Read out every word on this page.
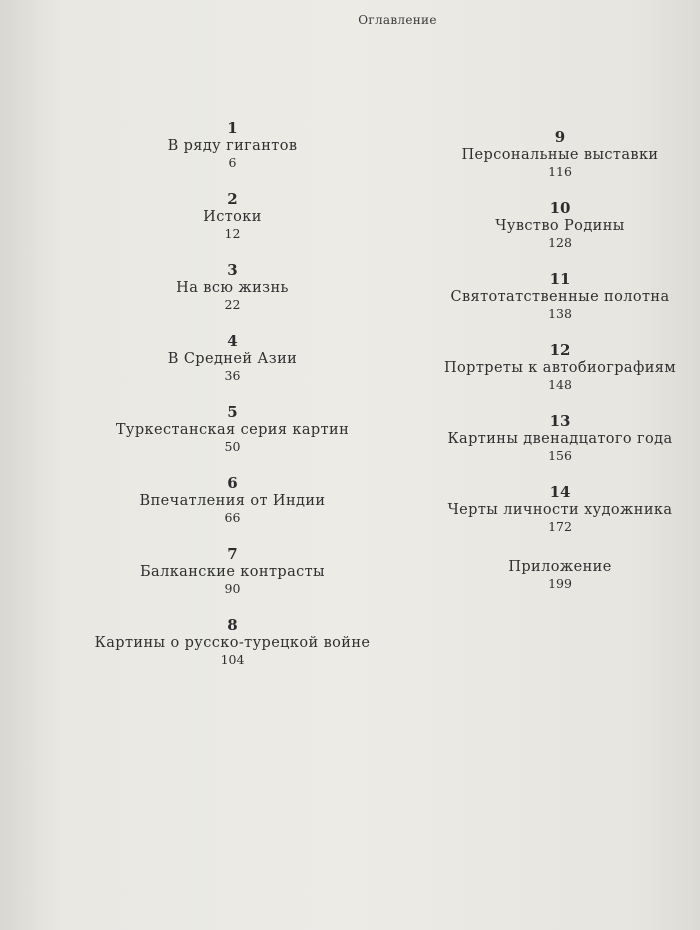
Оглавление
1
В ряду гигантов
6
2
Истоки
12
3
На всю жизнь
22
4
В Средней Азии
36
5
Туркестанская серия картин
50
6
Впечатления от Индии
66
7
Балканские контрасты
90
8
Картины о русско-турецкой войне
104
9
Персональные выставки
116
10
Чувство Родины
128
11
Святотатственные полотна
138
12
Портреты к автобиографиям
148
13
Картины двенадцатого года
156
14
Черты личности художника
172
Приложение
199
